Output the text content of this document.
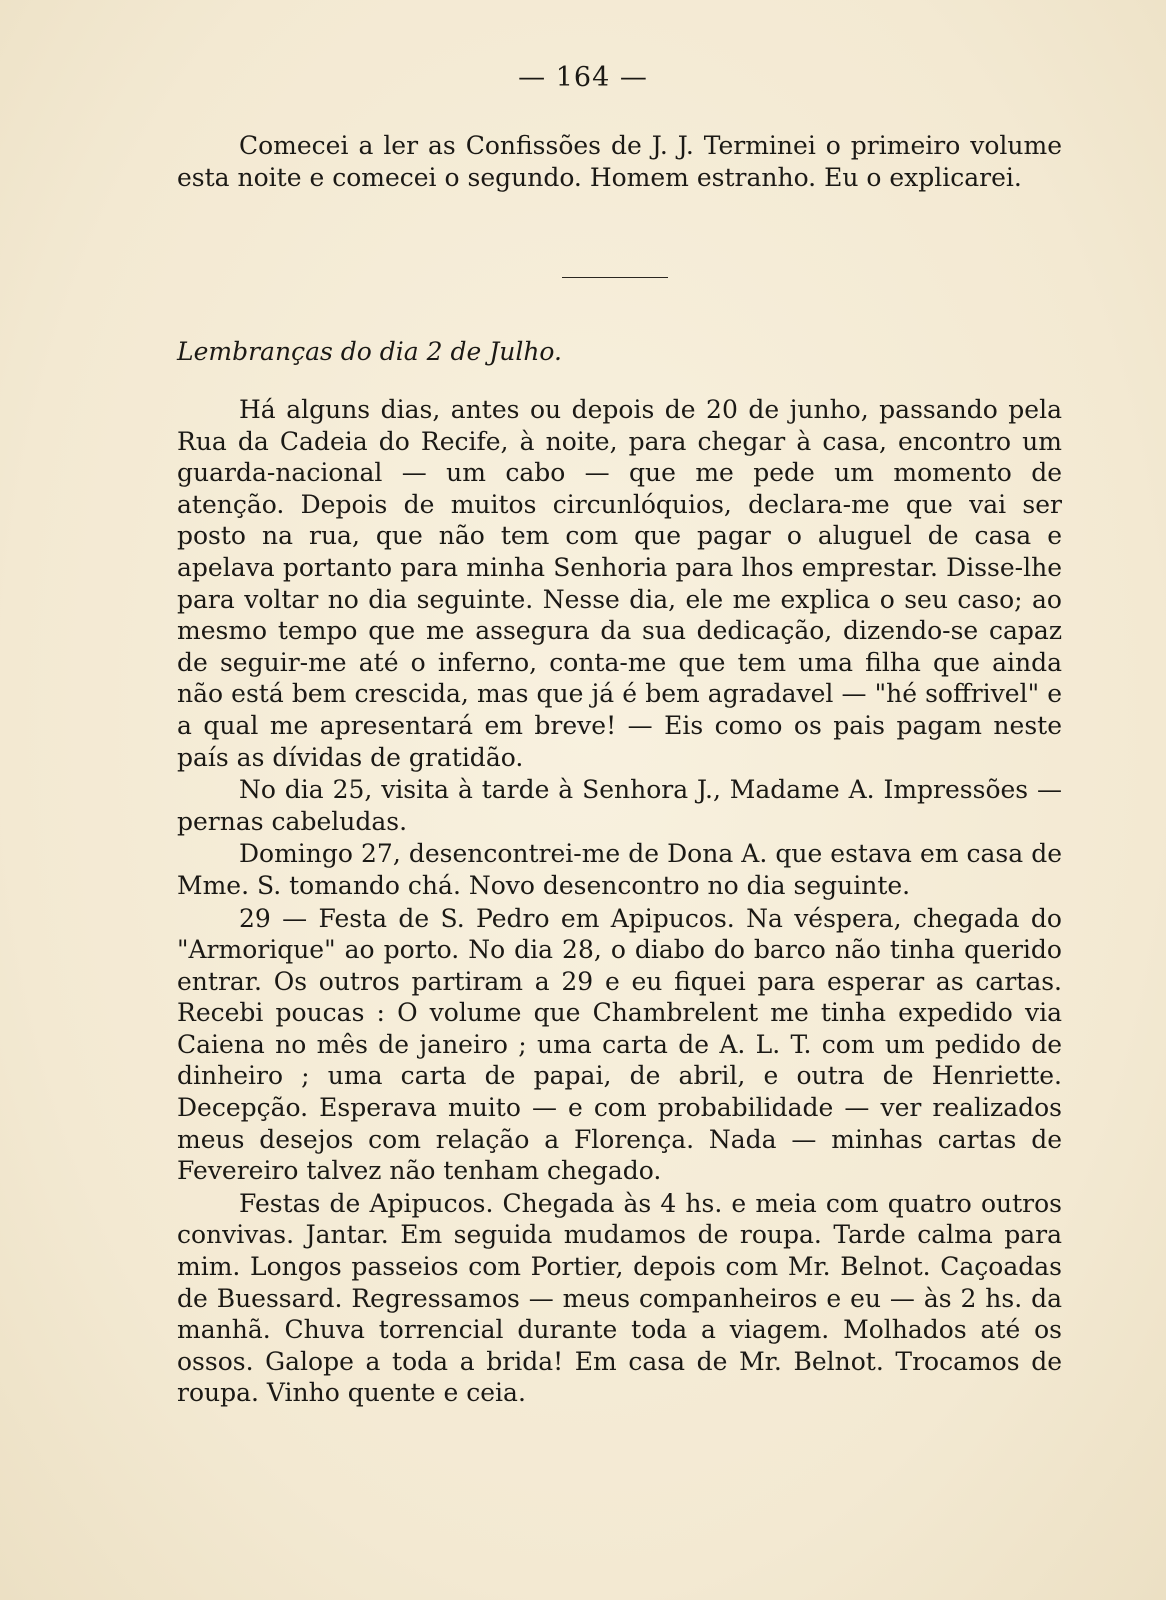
— 164 —

Comecei a ler as Confissões de J. J. Terminei o primeiro volume esta noite e comecei o segundo. Homem estranho. Eu o explicarei.

Lembranças do dia 2 de Julho.

Há alguns dias, antes ou depois de 20 de junho, passando pela Rua da Cadeia do Recife, à noite, para chegar à casa, encontro um guarda-nacional — um cabo — que me pede um momento de atenção. Depois de muitos circunlóquios, declara-me que vai ser posto na rua, que não tem com que pagar o aluguel de casa e apelava portanto para minha Senhoria para lhos emprestar. Disse-lhe para voltar no dia seguinte. Nesse dia, ele me explica o seu caso; ao mesmo tempo que me assegura da sua dedicação, dizendo-se capaz de seguir-me até o inferno, conta-me que tem uma filha que ainda não está bem crescida, mas que já é bem agradavel — "hé soffrivel" e a qual me apresentará em breve! — Eis como os pais pagam neste país as dívidas de gratidão.

No dia 25, visita à tarde à Senhora J., Madame A. Impressões — pernas cabeludas.

Domingo 27, desencontrei-me de Dona A. que estava em casa de Mme. S. tomando chá. Novo desencontro no dia seguinte.

29 — Festa de S. Pedro em Apipucos. Na véspera, chegada do "Armorique" ao porto. No dia 28, o diabo do barco não tinha querido entrar. Os outros partiram a 29 e eu fiquei para esperar as cartas. Recebi poucas : O volume que Chambrelent me tinha expedido via Caiena no mês de janeiro ; uma carta de A. L. T. com um pedido de dinheiro ; uma carta de papai, de abril, e outra de Henriette. Decepção. Esperava muito — e com probabilidade — ver realizados meus desejos com relação a Florença. Nada — minhas cartas de Fevereiro talvez não tenham chegado.

Festas de Apipucos. Chegada às 4 hs. e meia com quatro outros convivas. Jantar. Em seguida mudamos de roupa. Tarde calma para mim. Longos passeios com Portier, depois com Mr. Belnot. Caçoadas de Buessard. Regressamos — meus companheiros e eu — às 2 hs. da manhã. Chuva torrencial durante toda a viagem. Molhados até os ossos. Galope a toda a brida! Em casa de Mr. Belnot. Trocamos de roupa. Vinho quente e ceia.
